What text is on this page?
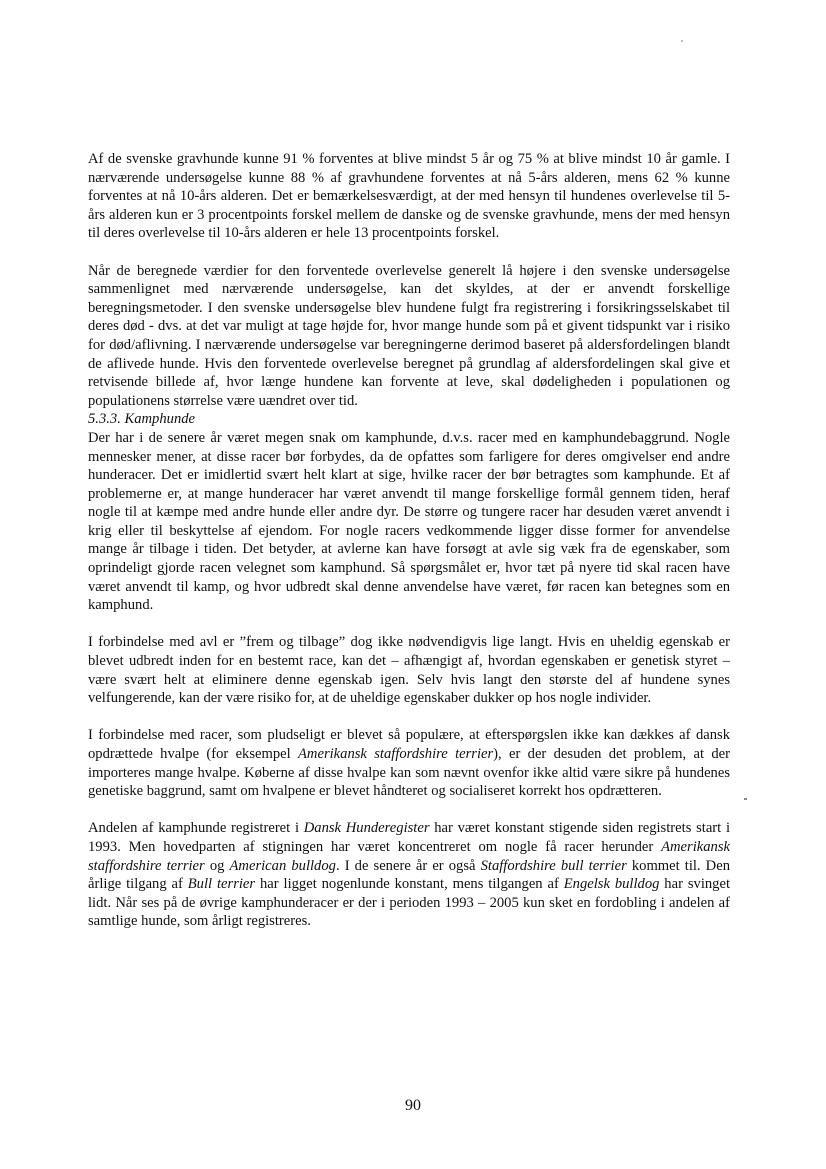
Af de svenske gravhunde kunne 91 % forventes at blive mindst 5 år og 75 % at blive mindst 10 år gamle. I nærværende undersøgelse kunne 88 % af gravhundene forventes at nå 5-års alderen, mens 62 % kunne forventes at nå 10-års alderen. Det er bemærkelsesværdigt, at der med hensyn til hundenes overlevelse til 5-års alderen kun er 3 procentpoints forskel mellem de danske og de svenske gravhunde, mens der med hensyn til deres overlevelse til 10-års alderen er hele 13 procentpoints forskel.

Når de beregnede værdier for den forventede overlevelse generelt lå højere i den svenske undersøgelse sammenlignet med nærværende undersøgelse, kan det skyldes, at der er anvendt forskellige beregningsmetoder. I den svenske undersøgelse blev hundene fulgt fra registrering i forsikringsselskabet til deres død - dvs. at det var muligt at tage højde for, hvor mange hunde som på et givent tidspunkt var i risiko for død/aflivning. I nærværende undersøgelse var beregningerne derimod baseret på aldersfordelingen blandt de aflivede hunde. Hvis den forventede overlevelse beregnet på grundlag af aldersfordelingen skal give et retvisende billede af, hvor længe hundene kan forvente at leve, skal dødeligheden i populationen og populationens størrelse være uændret over tid.

5.3.3. Kamphunde

Der har i de senere år været megen snak om kamphunde, d.v.s. racer med en kamphundebaggrund. Nogle mennesker mener, at disse racer bør forbydes, da de opfattes som farligere for deres omgivelser end andre hunderacer. Det er imidlertid svært helt klart at sige, hvilke racer der bør betragtes som kamphunde. Et af problemerne er, at mange hunderacer har været anvendt til mange forskellige formål gennem tiden, heraf nogle til at kæmpe med andre hunde eller andre dyr. De større og tungere racer har desuden været anvendt i krig eller til beskyttelse af ejendom. For nogle racers vedkommende ligger disse former for anvendelse mange år tilbage i tiden. Det betyder, at avlerne kan have forsøgt at avle sig væk fra de egenskaber, som oprindeligt gjorde racen velegnet som kamphund. Så spørgsmålet er, hvor tæt på nyere tid skal racen have været anvendt til kamp, og hvor udbredt skal denne anvendelse have været, før racen kan betegnes som en kamphund.

I forbindelse med avl er ”frem og tilbage” dog ikke nødvendigvis lige langt. Hvis en uheldig egenskab er blevet udbredt inden for en bestemt race, kan det – afhængigt af, hvordan egenskaben er genetisk styret – være svært helt at eliminere denne egenskab igen. Selv hvis langt den største del af hundene synes velfungerende, kan der være risiko for, at de uheldige egenskaber dukker op hos nogle individer.

I forbindelse med racer, som pludseligt er blevet så populære, at efterspørgslen ikke kan dækkes af dansk opdrættede hvalpe (for eksempel Amerikansk staffordshire terrier), er der desuden det problem, at der importeres mange hvalpe. Køberne af disse hvalpe kan som nævnt ovenfor ikke altid være sikre på hundenes genetiske baggrund, samt om hvalpene er blevet håndteret og socialiseret korrekt hos opdrætteren.

Andelen af kamphunde registreret i Dansk Hunderegister har været konstant stigende siden registrets start i 1993. Men hovedparten af stigningen har været koncentreret om nogle få racer herunder Amerikansk staffordshire terrier og American bulldog. I de senere år er også Staffordshire bull terrier kommet til. Den årlige tilgang af Bull terrier har ligget nogenlunde konstant, mens tilgangen af Engelsk bulldog har svinget lidt. Når ses på de øvrige kamphunderacer er der i perioden 1993 – 2005 kun sket en fordobling i andelen af samtlige hunde, som årligt registreres.

90
